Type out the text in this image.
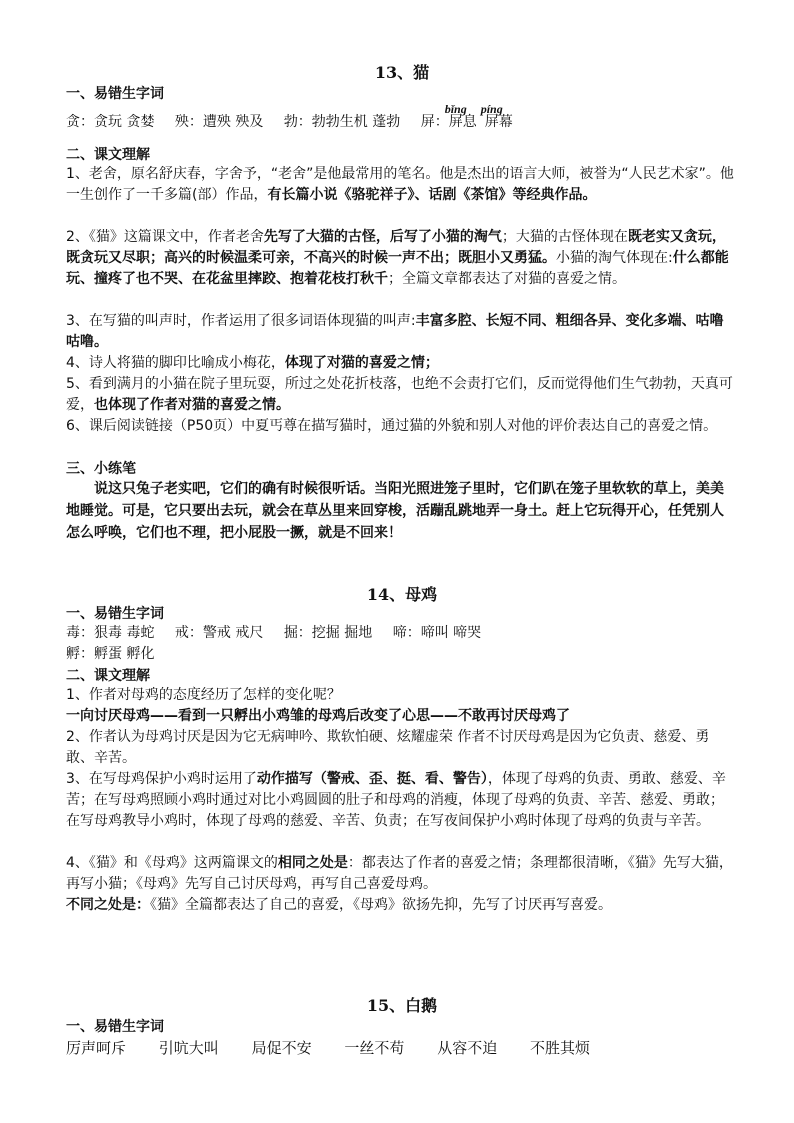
13、猫
一、易错生字词
贪：贪玩 贪婪 殃：遭殃 殃及 勃：勃勃生机 蓬勃 屏：
bǐng
屏息
píng
屏幕
二、课文理解

1、老舍，原名舒庆春，字舍予，“老舍”是他最常用的笔名。他是杰出的语言大师，被誉为“人民艺术家”。他一生创作了一千多篇(部）作品，有长篇小说《骆驼祥子》、话剧《茶馆》等经典作品。

2、《猫》这篇课文中，作者老舍先写了大猫的古怪，后写了小猫的淘气；大猫的古怪体现在既老实又贪玩，既贪玩又尽职；高兴的时候温柔可亲，不高兴的时候一声不出；既胆小又勇猛。小猫的淘气体现在:什么都能玩、撞疼了也不哭、在花盆里摔跤、抱着花枝打秋千；全篇文章都表达了对猫的喜爱之情。

3、在写猫的叫声时，作者运用了很多词语体现猫的叫声:丰富多腔、长短不同、粗细各异、变化多端、咕噜咕噜。

4、诗人将猫的脚印比喻成小梅花，体现了对猫的喜爱之情；

5、看到满月的小猫在院子里玩耍，所过之处花折枝落，也绝不会责打它们，反而觉得他们生气勃勃，天真可爱，也体现了作者对猫的喜爱之情。

6、课后阅读链接（P50页）中夏丐尊在描写猫时，通过猫的外貌和别人对他的评价表达自己的喜爱之情。

三、小练笔

说这只兔子老实吧，它们的确有时候很听话。当阳光照进笼子里时，它们趴在笼子里软软的草上，美美地睡觉。可是，它只要出去玩，就会在草丛里来回穿梭，活蹦乱跳地弄一身土。赶上它玩得开心，任凭别人怎么呼唤，它们也不理，把小屁股一撅，就是不回来！

14、母鸡
一、易错生字词
毒：狠毒 毒蛇 戒：警戒 戒尺 掘：挖掘 掘地 啼：啼叫 啼哭
孵：孵蛋 孵化
二、课文理解

1、作者对母鸡的态度经历了怎样的变化呢？

一向讨厌母鸡——看到一只孵出小鸡雏的母鸡后改变了心思——不敢再讨厌母鸡了

2、作者认为母鸡讨厌是因为它无病呻吟、欺软怕硬、炫耀虚荣 作者不讨厌母鸡是因为它负责、慈爱、勇敢、辛苦。

3、在写母鸡保护小鸡时运用了动作描写（警戒、歪、挺、看、警告），体现了母鸡的负责、勇敢、慈爱、辛苦；在写母鸡照顾小鸡时通过对比小鸡圆圆的肚子和母鸡的消瘦，体现了母鸡的负责、辛苦、慈爱、勇敢；在写母鸡教导小鸡时，体现了母鸡的慈爱、辛苦、负责；在写夜间保护小鸡时体现了母鸡的负责与辛苦。

4、《猫》和《母鸡》这两篇课文的相同之处是：都表达了作者的喜爱之情；条理都很清晰，《猫》先写大猫，再写小猫；《母鸡》先写自己讨厌母鸡，再写自己喜爱母鸡。

不同之处是：《猫》全篇都表达了自己的喜爱，《母鸡》欲扬先抑，先写了讨厌再写喜爱。

15、白鹅
一、易错生字词
厉声呵斥 引吭大叫 局促不安 一丝不苟 从容不迫 不胜其烦
